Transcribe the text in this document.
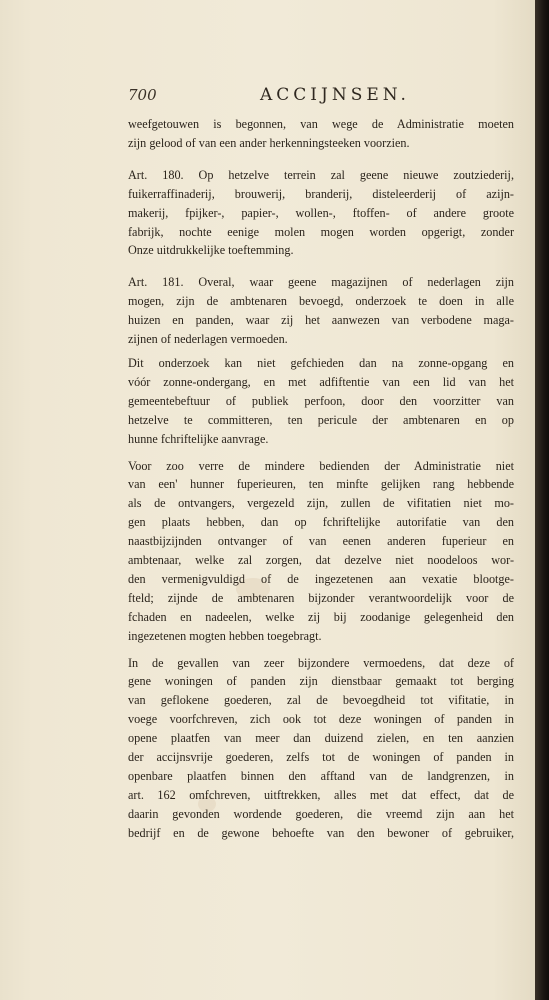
700	ACCIJNSEN.
weefgetouwen is begonnen, van wege de Administratie moeten
zijn gelood of van een ander herkenningsteeken voorzien.
Art. 180. Op hetzelve terrein zal geene nieuwe zoutziederij,
fuikerraffinaderij, brouwerij, branderij, disteleerderij of azijn-
makerij, fpijker-, papier-, wollen-, ftoffen- of andere groote
fabrijk, nochte eenige molen mogen worden opgerigt, zonder
Onze uitdrukkelijke toeftemming.
Art. 181. Overal, waar geene magazijnen of nederlagen zijn
mogen, zijn de ambtenaren bevoegd, onderzoek te doen in alle
huizen en panden, waar zij het aanwezen van verbodene maga-
zijnen of nederlagen vermoeden.
Dit onderzoek kan niet gefchieden dan na zonne-opgang en
vóór zonne-ondergang, en met adfiftentie van een lid van het
gemeentebeftuur of publiek perfoon, door den voorzitter van
hetzelve te committeren, ten pericule der ambtenaren en op
hunne fchriftelijke aanvrage.
Voor zoo verre de mindere bedienden der Administratie niet
van een' hunner fuperieuren, ten minfte gelijken rang hebbende
als de ontvangers, vergezeld zijn, zullen de vifitatien niet mo-
gen plaats hebben, dan op fchriftelijke autorifatie van den
naastbijzijnden ontvanger of van eenen anderen fuperieur en
ambtenaar, welke zal zorgen, dat dezelve niet noodeloos wor-
den vermenigvuldigd of de ingezetenen aan vexatie blootge-
fteld; zijnde de ambtenaren bijzonder verantwoordelijk voor de
fchaden en nadeelen, welke zij bij zoodanige gelegenheid den
ingezetenen mogten hebben toegebragt.
In de gevallen van zeer bijzondere vermoedens, dat deze of
gene woningen of panden zijn dienstbaar gemaakt tot berging
van geflokene goederen, zal de bevoegdheid tot vifitatie, in
voege voorfchreven, zich ook tot deze woningen of panden in
opene plaatfen van meer dan duizend zielen, en ten aanzien
der accijnsvrije goederen, zelfs tot de woningen of panden in
openbare plaatfen binnen den afftand van de landgrenzen, in
art. 162 omfchreven, uitftrekken, alles met dat effect, dat de
daarin gevonden wordende goederen, die vreemd zijn aan het
bedrijf en de gewone behoefte van den bewoner of gebruiker,
